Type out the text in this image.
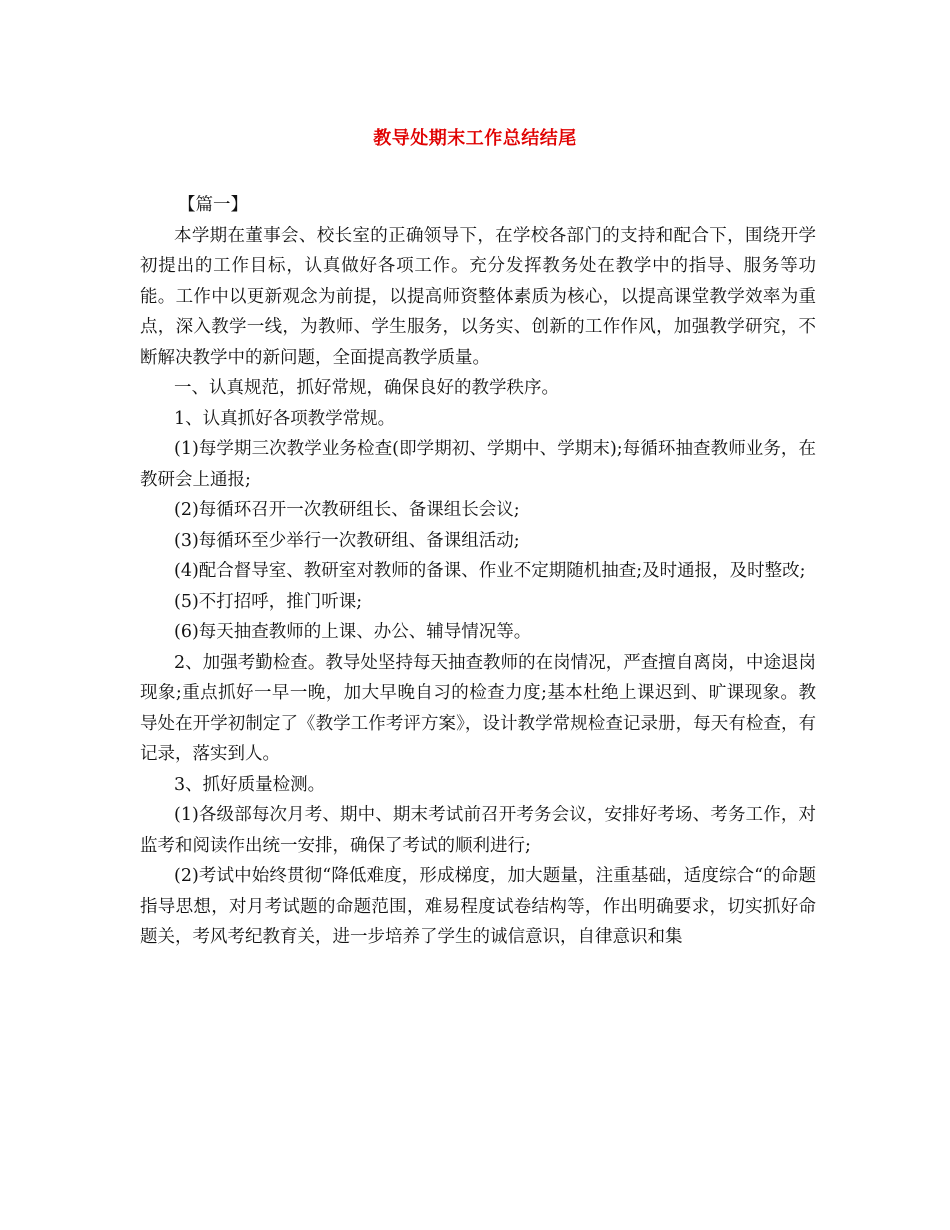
教导处期末工作总结结尾

【篇一】

本学期在董事会、校长室的正确领导下，在学校各部门的支持和配合下，围绕开学初提出的工作目标，认真做好各项工作。充分发挥教务处在教学中的指导、服务等功能。工作中以更新观念为前提，以提高师资整体素质为核心，以提高课堂教学效率为重点，深入教学一线，为教师、学生服务，以务实、创新的工作作风，加强教学研究，不断解决教学中的新问题，全面提高教学质量。

一、认真规范，抓好常规，确保良好的教学秩序。

1、认真抓好各项教学常规。

(1)每学期三次教学业务检查(即学期初、学期中、学期末);每循环抽查教师业务，在教研会上通报;

(2)每循环召开一次教研组长、备课组长会议;

(3)每循环至少举行一次教研组、备课组活动;

(4)配合督导室、教研室对教师的备课、作业不定期随机抽查;及时通报，及时整改;

(5)不打招呼，推门听课;

(6)每天抽查教师的上课、办公、辅导情况等。

2、加强考勤检查。教导处坚持每天抽查教师的在岗情况，严查擅自离岗，中途退岗现象;重点抓好一早一晚，加大早晚自习的检查力度;基本杜绝上课迟到、旷课现象。教导处在开学初制定了《教学工作考评方案》，设计教学常规检查记录册，每天有检查，有记录，落实到人。

3、抓好质量检测。

(1)各级部每次月考、期中、期末考试前召开考务会议，安排好考场、考务工作，对监考和阅读作出统一安排，确保了考试的顺利进行;

(2)考试中始终贯彻“降低难度，形成梯度，加大题量，注重基础，适度综合“的命题指导思想，对月考试题的命题范围，难易程度试卷结构等，作出明确要求，切实抓好命题关，考风考纪教育关，进一步培养了学生的诚信意识，自律意识和集
